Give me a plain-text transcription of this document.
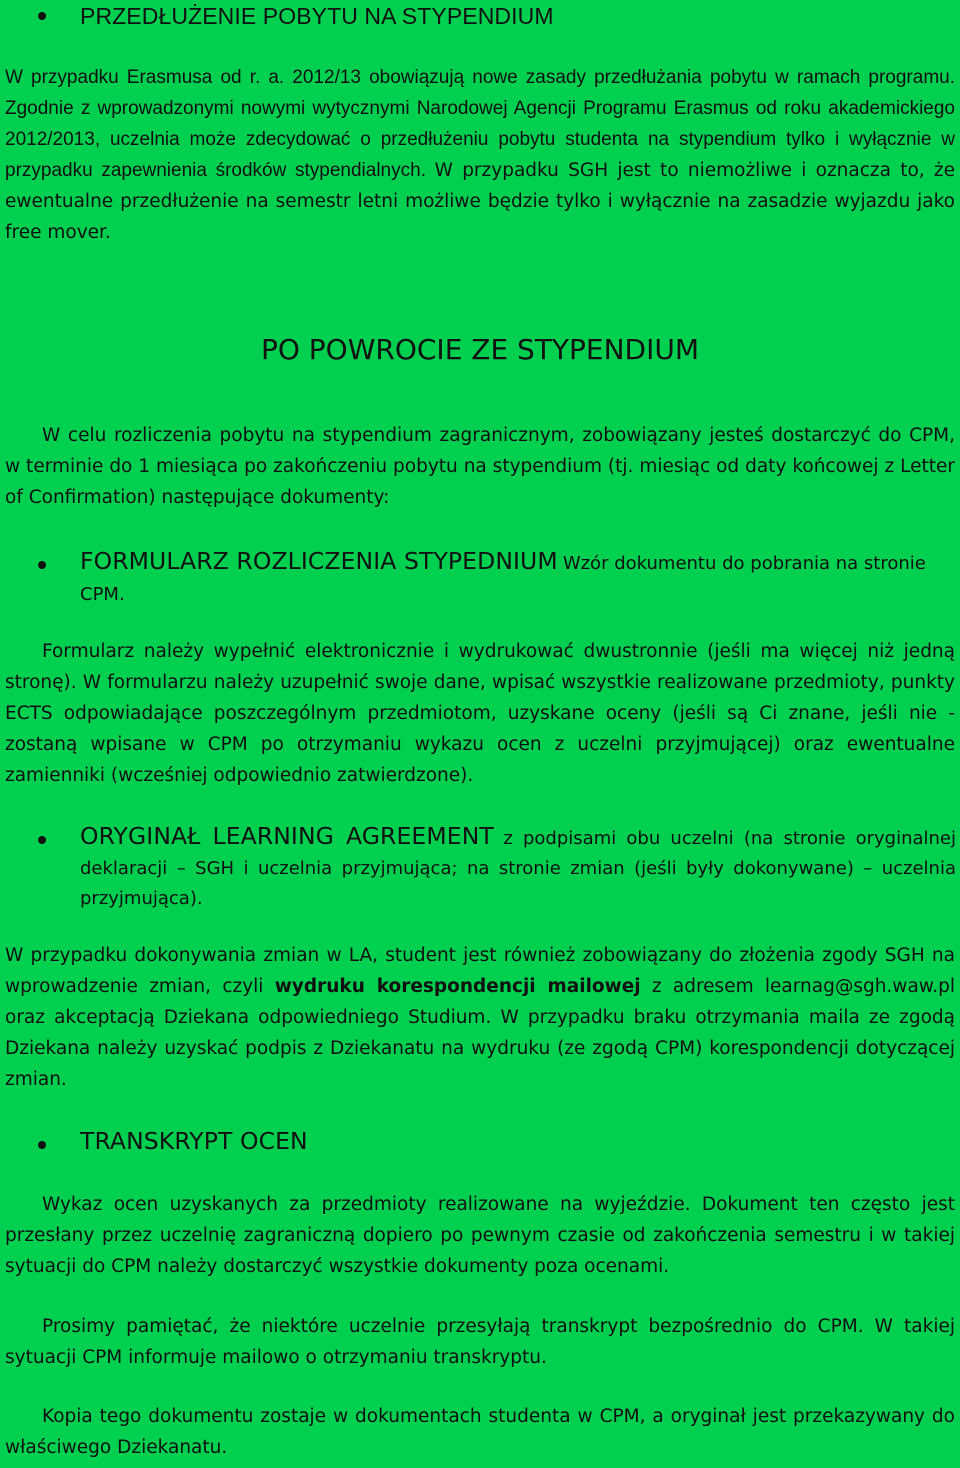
PRZEDŁUŻENIE POBYTU NA STYPENDIUM

W przypadku Erasmusa od r. a. 2012/13 obowiązują nowe zasady przedłużania pobytu w ramach programu. Zgodnie z wprowadzonymi nowymi wytycznymi Narodowej Agencji Programu Erasmus od roku akademickiego 2012/2013, uczelnia może zdecydować o przedłużeniu pobytu studenta na stypendium tylko i wyłącznie w przypadku zapewnienia środków stypendialnych. W przypadku SGH jest to niemożliwe i oznacza to, że ewentualne przedłużenie na semestr letni możliwe będzie tylko i wyłącznie na zasadzie wyjazdu jako free mover.

PO POWROCIE ZE STYPENDIUM

W celu rozliczenia pobytu na stypendium zagranicznym, zobowiązany jesteś dostarczyć do CPM, w terminie do 1 miesiąca po zakończeniu pobytu na stypendium (tj. miesiąc od daty końcowej z Letter of Confirmation) następujące dokumenty:

FORMULARZ ROZLICZENIA STYPEDNIUM Wzór dokumentu do pobrania na stronie CPM.

Formularz należy wypełnić elektronicznie i wydrukować dwustronnie (jeśli ma więcej niż jedną stronę). W formularzu należy uzupełnić swoje dane, wpisać wszystkie realizowane przedmioty, punkty ECTS odpowiadające poszczególnym przedmiotom, uzyskane oceny (jeśli są Ci znane, jeśli nie - zostaną wpisane w CPM po otrzymaniu wykazu ocen z uczelni przyjmującej) oraz ewentualne zamienniki (wcześniej odpowiednio zatwierdzone).

ORYGINAŁ LEARNING AGREEMENT z podpisami obu uczelni (na stronie oryginalnej deklaracji – SGH i uczelnia przyjmująca; na stronie zmian (jeśli były dokonywane) – uczelnia przyjmująca).

W przypadku dokonywania zmian w LA, student jest również zobowiązany do złożenia zgody SGH na wprowadzenie zmian, czyli wydruku korespondencji mailowej z adresem learnag@sgh.waw.pl oraz akceptacją Dziekana odpowiedniego Studium. W przypadku braku otrzymania maila ze zgodą Dziekana należy uzyskać podpis z Dziekanatu na wydruku (ze zgodą CPM) korespondencji dotyczącej zmian.

TRANSKRYPT OCEN

Wykaz ocen uzyskanych za przedmioty realizowane na wyjeździe. Dokument ten często jest przesłany przez uczelnię zagraniczną dopiero po pewnym czasie od zakończenia semestru i w takiej sytuacji do CPM należy dostarczyć wszystkie dokumenty poza ocenami.

Prosimy pamiętać, że niektóre uczelnie przesyłają transkrypt bezpośrednio do CPM. W takiej sytuacji CPM informuje mailowo o otrzymaniu transkryptu.

Kopia tego dokumentu zostaje w dokumentach studenta w CPM, a oryginał jest przekazywany do właściwego Dziekanatu.
